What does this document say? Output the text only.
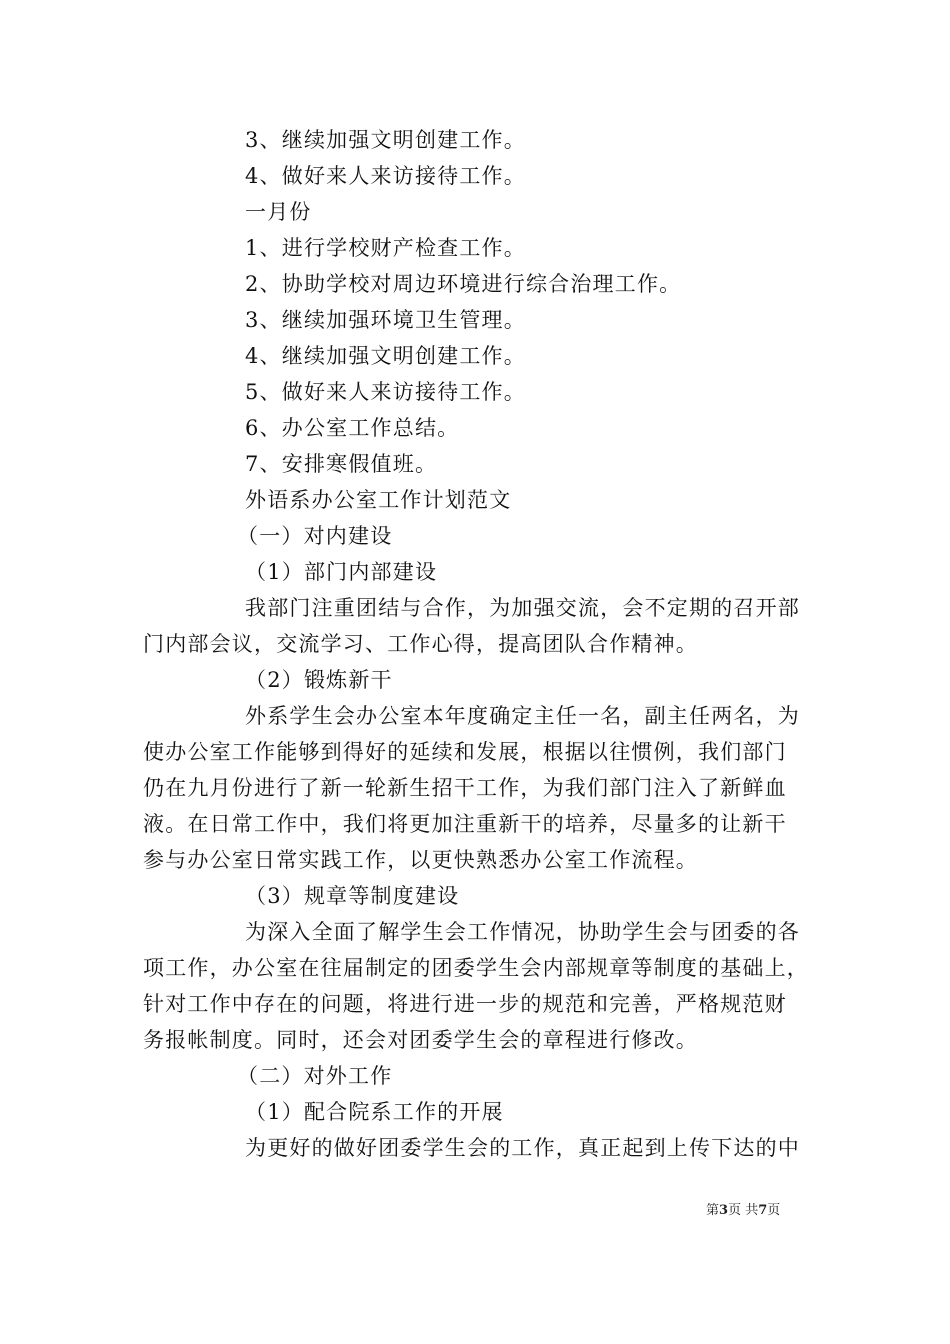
3、继续加强文明创建工作。
4、做好来人来访接待工作。
一月份
1、进行学校财产检查工作。
2、协助学校对周边环境进行综合治理工作。
3、继续加强环境卫生管理。
4、继续加强文明创建工作。
5、做好来人来访接待工作。
6、办公室工作总结。
7、安排寒假值班。
外语系办公室工作计划范文
（一）对内建设
（1）部门内部建设
我部门注重团结与合作，为加强交流，会不定期的召开部
门内部会议，交流学习、工作心得，提高团队合作精神。
（2）锻炼新干
外系学生会办公室本年度确定主任一名，副主任两名，为
使办公室工作能够到得好的延续和发展，根据以往惯例，我们部门
仍在九月份进行了新一轮新生招干工作，为我们部门注入了新鲜血
液。在日常工作中，我们将更加注重新干的培养，尽量多的让新干
参与办公室日常实践工作，以更快熟悉办公室工作流程。
（3）规章等制度建设
为深入全面了解学生会工作情况，协助学生会与团委的各
项工作，办公室在往届制定的团委学生会内部规章等制度的基础上，
针对工作中存在的问题，将进行进一步的规范和完善，严格规范财
务报帐制度。同时，还会对团委学生会的章程进行修改。
（二）对外工作
（1）配合院系工作的开展
为更好的做好团委学生会的工作，真正起到上传下达的中
第3页 共7页
